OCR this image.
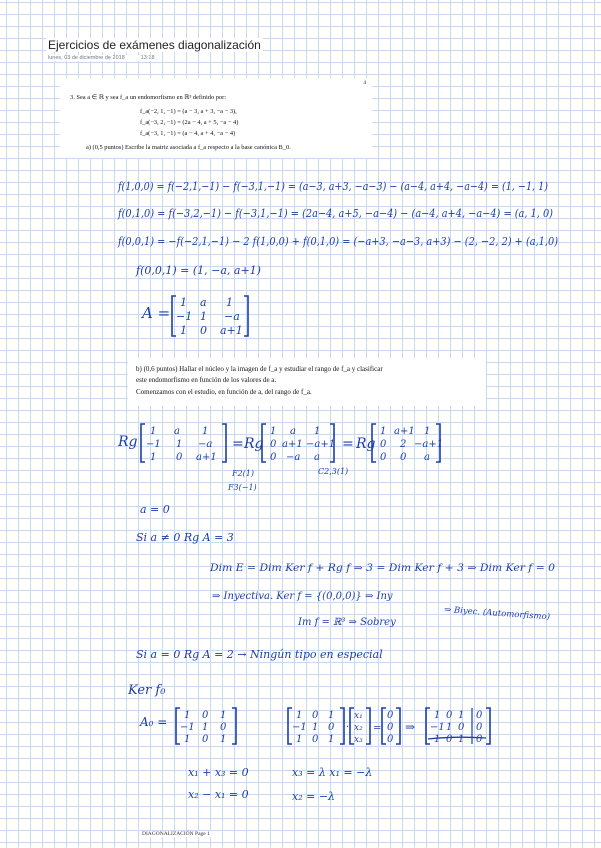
Ejercicios de exámenes diagonalización
lunes, 03 de diciembre de 2018	13:18
4
3. Sea a ∈ ℝ y sea f_a un endomorfismo en ℝ³ definido por:
f_a(−2, 1, −1) = (a − 3, a + 3, −a − 3),
f_a(−3, 2, −1) = (2a − 4, a + 5, −a − 4)
f_a(−3, 1, −1) = (a − 4, a + 4, −a − 4)
a) (0,5 puntos) Escribe la matriz asociada a f_a respecto a la base canónica B_0.
b) (0,6 puntos) Hallar el núcleo y la imagen de f_a y estudiar el rango de f_a y clasificar
este endomorfismo en función de los valores de a.
Comenzamos con el estudio, en función de a, del rango de f_a.
f(1,0,0) = f(−2,1,−1) − f(−3,1,−1) = (a−3, a+3, −a−3) − (a−4, a+4, −a−4) = (1, −1, 1)
f(0,1,0) = f(−3,2,−1) − f(−3,1,−1) = (2a−4, a+5, −a−4) − (a−4, a+4, −a−4) = (a, 1, 0)
f(0,0,1) = −f(−2,1,−1) − 2 f(1,0,0) + f(0,1,0) = (−a+3, −a−3, a+3) − (2, −2, 2) + (a,1,0)
f(0,0,1) = (1, −a, a+1)
A =
1 a 1
−1 1 −a
1 0 a+1
Rg
1 a 1
−1 1 −a
1 0 a+1
= Rg
1 a 1
0 a+1 −a+1
0 −a a
= Rg
1 a+1 1
0 2 −a+1
0 0 a
F2(1)
F3(−1)
C2,3(1)
a = 0
Si a ≠ 0 Rg A = 3
Dim E = Dim Ker f + Rg f ⇒ 3 = Dim Ker f + 3 ⇒ Dim Ker f = 0
⇒ Inyectiva. Ker f = {(0,0,0)} ⇒ Iny
Im f = ℝ³ ⇒ Sobrey
⇒ Biyec. (Automorfismo)
Si a = 0 Rg A = 2 → Ningún tipo en especial
Ker f₀
A₀ = 1 0 1
−1 1 0
1 0 1
1 0 1
−1 1 0
1 0 1
·
x₁
x₂
x₃
=
0
0
0
⇒
1 0 1 0
−1 1 0 0
1 0 1 0
x₁ + x₃ = 0
x₂ − x₁ = 0
x₃ = λ x₁ = −λ
x₂ = −λ
DIAGONALIZACIÓN Page 1
